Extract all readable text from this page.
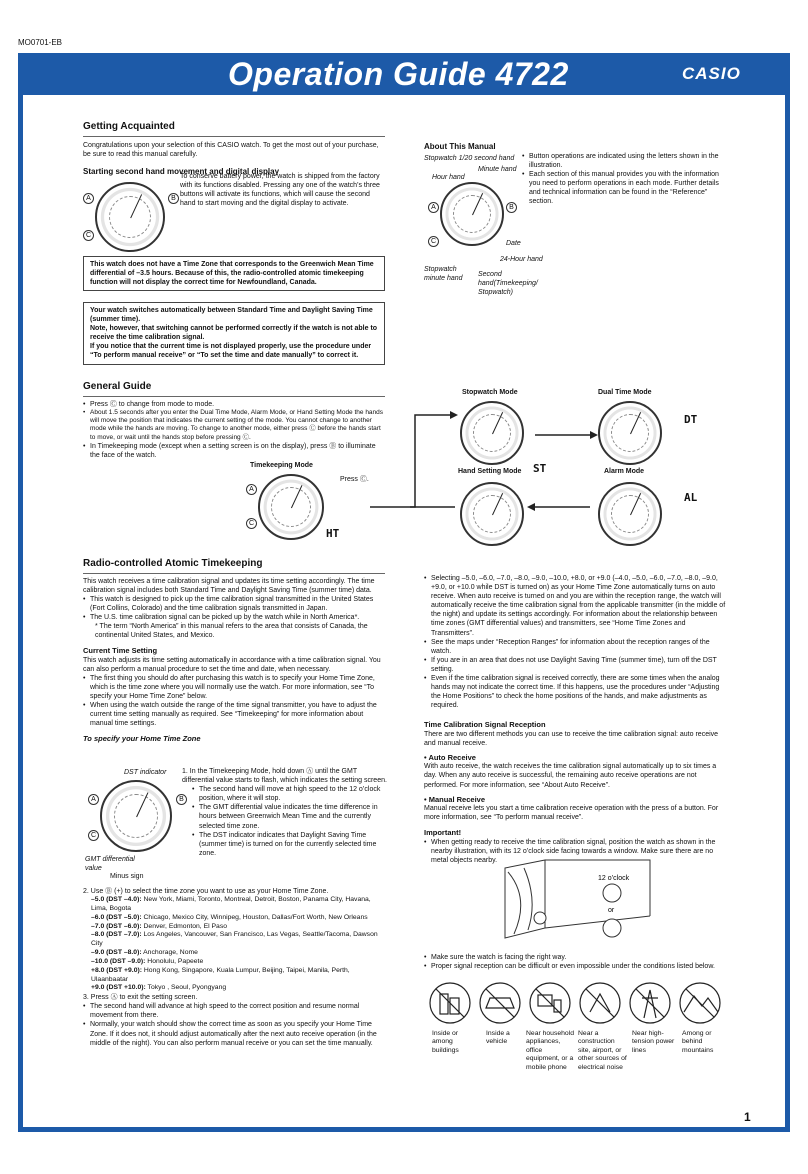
MO0701-EB
Operation Guide 4722	CASIO
Getting Acquainted

Congratulations upon your selection of this CASIO watch. To get the most out of your purchase, be sure to read this manual carefully.

Starting second hand movement and digital display
A	B
C

To conserve battery power, the watch is shipped from the factory with its functions disabled. Pressing any one of the watch’s three buttons will activate its functions, which will cause the second hand to start moving and the digital display to activate.

This watch does not have a Time Zone that corresponds to the Greenwich Mean Time differential of –3.5 hours. Because of this, the radio-controlled atomic timekeeping function will not display the correct time for Newfoundland, Canada.
Your watch switches automatically between Standard Time and Daylight Saving Time (summer time).
Note, however, that switching cannot be performed correctly if the watch is not able to receive the time calibration signal.
If you notice that the current time is not displayed properly, use the procedure under “To perform manual receive” or “To set the time and date manually” to correct it.
About This Manual
Stopwatch 1/20 second hand
Minute hand
Hour hand
A	B
C	Date
24-Hour hand
Stopwatch minute hand
Second hand(Timekeeping/ Stopwatch)
• Button operations are indicated using the letters shown in the illustration.
• Each section of this manual provides you with the information you need to perform operations in each mode. Further details and technical information can be found in the “Reference” section.
General Guide
• Press Ⓒ to change from mode to mode.
• About 1.5 seconds after you enter the Dual Time Mode, Alarm Mode, or Hand Setting Mode the hands will move the position that indicates the current setting of the mode. You cannot change to another mode while the hands are moving. To change to another mode, either press Ⓒ before the hands start to move, or wait until the hands stop before pressing Ⓒ.
• In Timekeeping mode (except when a setting screen is on the display), press Ⓑ to illuminate the face of the watch.
Timekeeping Mode
A
C
Press Ⓒ.
HT
Stopwatch Mode
ST
Dual Time Mode
DT
Hand Setting Mode	Alarm Mode
AL
Radio-controlled Atomic Timekeeping

This watch receives a time calibration signal and updates its time setting accordingly. The time calibration signal includes both Standard Time and Daylight Saving Time (summer time) data.

• This watch is designed to pick up the time calibration signal transmitted in the United States (Fort Collins, Colorado) and the time calibration signals transmitted in Japan.
• The U.S. time calibration signal can be picked up by the watch while in North America*.

* The term “North America” in this manual refers to the area that consists of Canada, the continental United States, and Mexico.

Current Time Setting

This watch adjusts its time setting automatically in accordance with a time calibration signal. You can also perform a manual procedure to set the time and date, when necessary.

• The first thing you should do after purchasing this watch is to specify your Home Time Zone, which is the time zone where you will normally use the watch. For more information, see “To specify your Home Time Zone” below.
• When using the watch outside the range of the time signal transmitter, you have to adjust the current time setting manually as required. See “Timekeeping” for more information about manual time settings.
To specify your Home Time Zone
DST indicator
A	B
C
GMT differential value
Minus sign

1. In the Timekeeping Mode, hold down Ⓐ until the GMT differential value starts to flash, which indicates the setting screen.

• The second hand will move at high speed to the 12 o’clock position, where it will stop.
• The GMT differential value indicates the time difference in hours between Greenwich Mean Time and the currently selected time zone.
• The DST indicator indicates that Daylight Saving Time (summer time) is turned on for the currently selected time zone.

2. Use Ⓑ (+) to select the time zone you want to use as your Home Time Zone.

–5.0 (DST –4.0): New York, Miami, Toronto, Montreal, Detroit, Boston, Panama City, Havana, Lima, Bogota
–6.0 (DST –5.0): Chicago, Mexico City, Winnipeg, Houston, Dallas/Fort Worth, New Orleans
–7.0 (DST –6.0): Denver, Edmonton, El Paso
–8.0 (DST –7.0): Los Angeles, Vancouver, San Francisco, Las Vegas, Seattle/Tacoma, Dawson City
–9.0 (DST –8.0): Anchorage, Nome
–10.0 (DST –9.0): Honolulu, Papeete
+8.0 (DST +9.0): Hong Kong, Singapore, Kuala Lumpur, Beijing, Taipei, Manila, Perth, Ulaanbaatar
+9.0 (DST +10.0): Tokyo , Seoul, Pyongyang

3. Press Ⓐ to exit the setting screen.

• The second hand will advance at high speed to the correct position and resume normal movement from there.
• Normally, your watch should show the correct time as soon as you specify your Home Time Zone. If it does not, it should adjust automatically after the next auto receive operation (in the middle of the night). You can also perform manual receive or you can set the time manually.
• Selecting –5.0, –6.0, –7.0, –8.0, –9.0, –10.0, +8.0, or +9.0 (–4.0, –5.0, –6.0, –7.0, –8.0, –9.0, +9.0, or +10.0 while DST is turned on) as your Home Time Zone automatically turns on auto receive. When auto receive is turned on and you are within the reception range, the watch will automatically receive the time calibration signal from the applicable transmitter (in the middle of the night) and update its settings accordingly. For information about the relationship between time zones (GMT differential values) and transmitters, see “Home Time Zones and Transmitters”.
• See the maps under “Reception Ranges” for information about the reception ranges of the watch.
• If you are in an area that does not use Daylight Saving Time (summer time), turn off the DST setting.
• Even if the time calibration signal is received correctly, there are some times when the analog hands may not indicate the correct time. If this happens, use the procedures under “Adjusting the Home Positions” to check the home positions of the hands, and make adjustments as required.
Time Calibration Signal Reception

There are two different methods you can use to receive the time calibration signal: auto receive and manual receive.

• Auto Receive

With auto receive, the watch receives the time calibration signal automatically up to six times a day. When any auto receive is successful, the remaining auto receive operations are not performed. For more information, see “About Auto Receive”.

• Manual Receive

Manual receive lets you start a time calibration receive operation with the press of a button. For more information, see “To perform manual receive”.

Important!
• When getting ready to receive the time calibration signal, position the watch as shown in the nearby illustration, with its 12 o’clock side facing towards a window. Make sure there are no metal objects nearby.
12 o’clock
or
• Make sure the watch is facing the right way.
• Proper signal reception can be difficult or even impossible under the conditions listed below.
Inside or among buildings
Inside a vehicle
Near household appliances, office equipment, or a mobile phone
Near a construction site, airport, or other sources of electrical noise
Near high-tension power lines
Among or behind mountains
1
